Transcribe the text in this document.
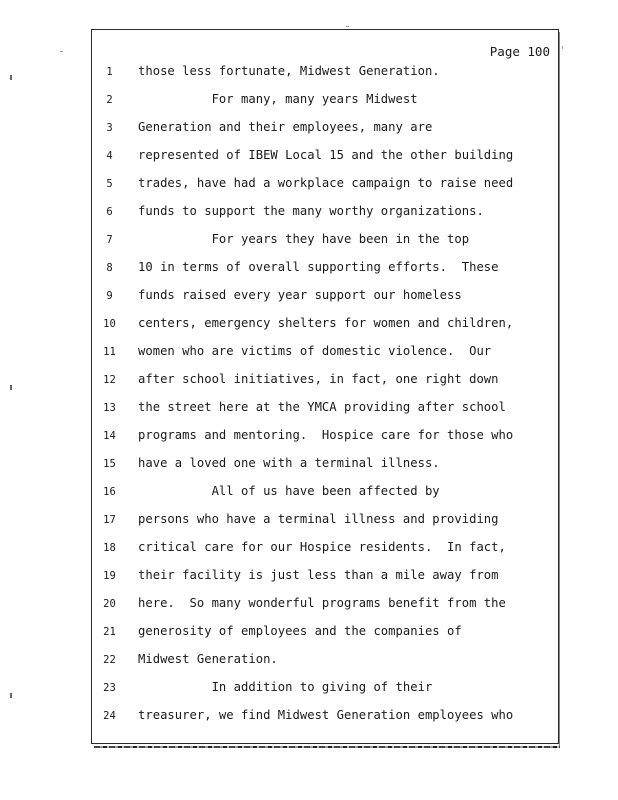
Page 100
1	those less fortunate, Midwest Generation.
2	For many, many years Midwest
3	Generation and their employees, many are
4	represented of IBEW Local 15 and the other building
5	trades, have had a workplace campaign to raise need
6	funds to support the many worthy organizations.
7	For years they have been in the top
8	10 in terms of overall supporting efforts.  These
9	funds raised every year support our homeless
10	centers, emergency shelters for women and children,
11	women who are victims of domestic violence.  Our
12	after school initiatives, in fact, one right down
13	the street here at the YMCA providing after school
14	programs and mentoring.  Hospice care for those who
15	have a loved one with a terminal illness.
16	All of us have been affected by
17	persons who have a terminal illness and providing
18	critical care for our Hospice residents.  In fact,
19	their facility is just less than a mile away from
20	here.  So many wonderful programs benefit from the
21	generosity of employees and the companies of
22	Midwest Generation.
23	In addition to giving of their
24	treasurer, we find Midwest Generation employees who
